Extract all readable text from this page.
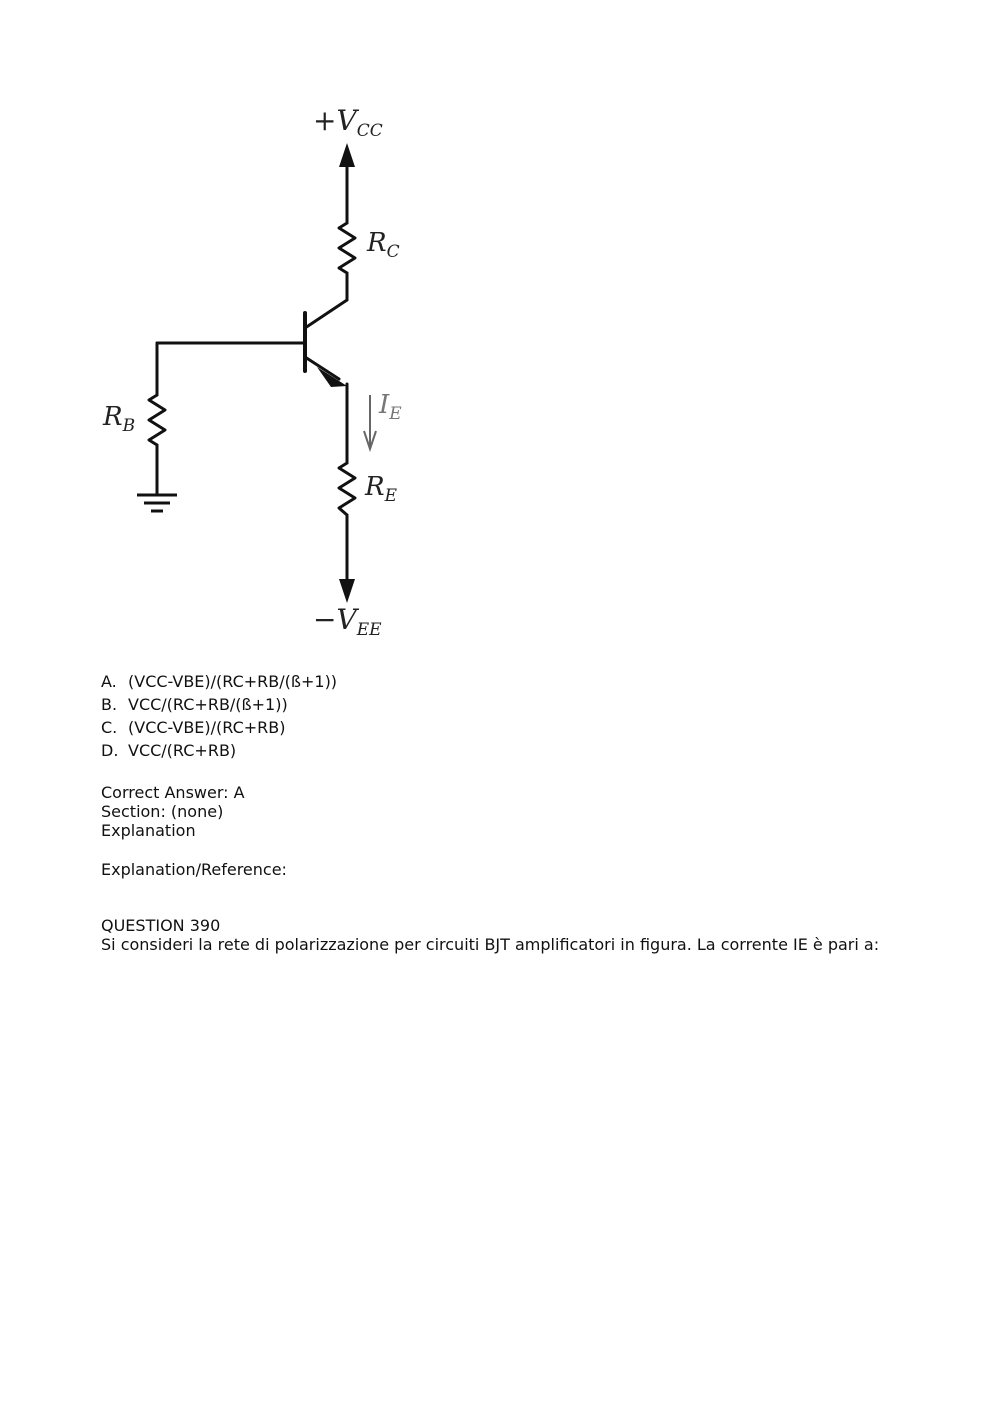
$+V_{CC}$
$R_C$
$R_B$
$I_E$
$R_E$
$-V_{EE}$
A. (VCC-VBE)/(RC+RB/(ß+1))
B. VCC/(RC+RB/(ß+1))
C. (VCC-VBE)/(RC+RB)
D. VCC/(RC+RB)
Correct Answer: A
Section: (none)
Explanation
Explanation/Reference:
QUESTION 390
Si consideri la rete di polarizzazione per circuiti BJT amplificatori in figura. La corrente IE è pari a:
